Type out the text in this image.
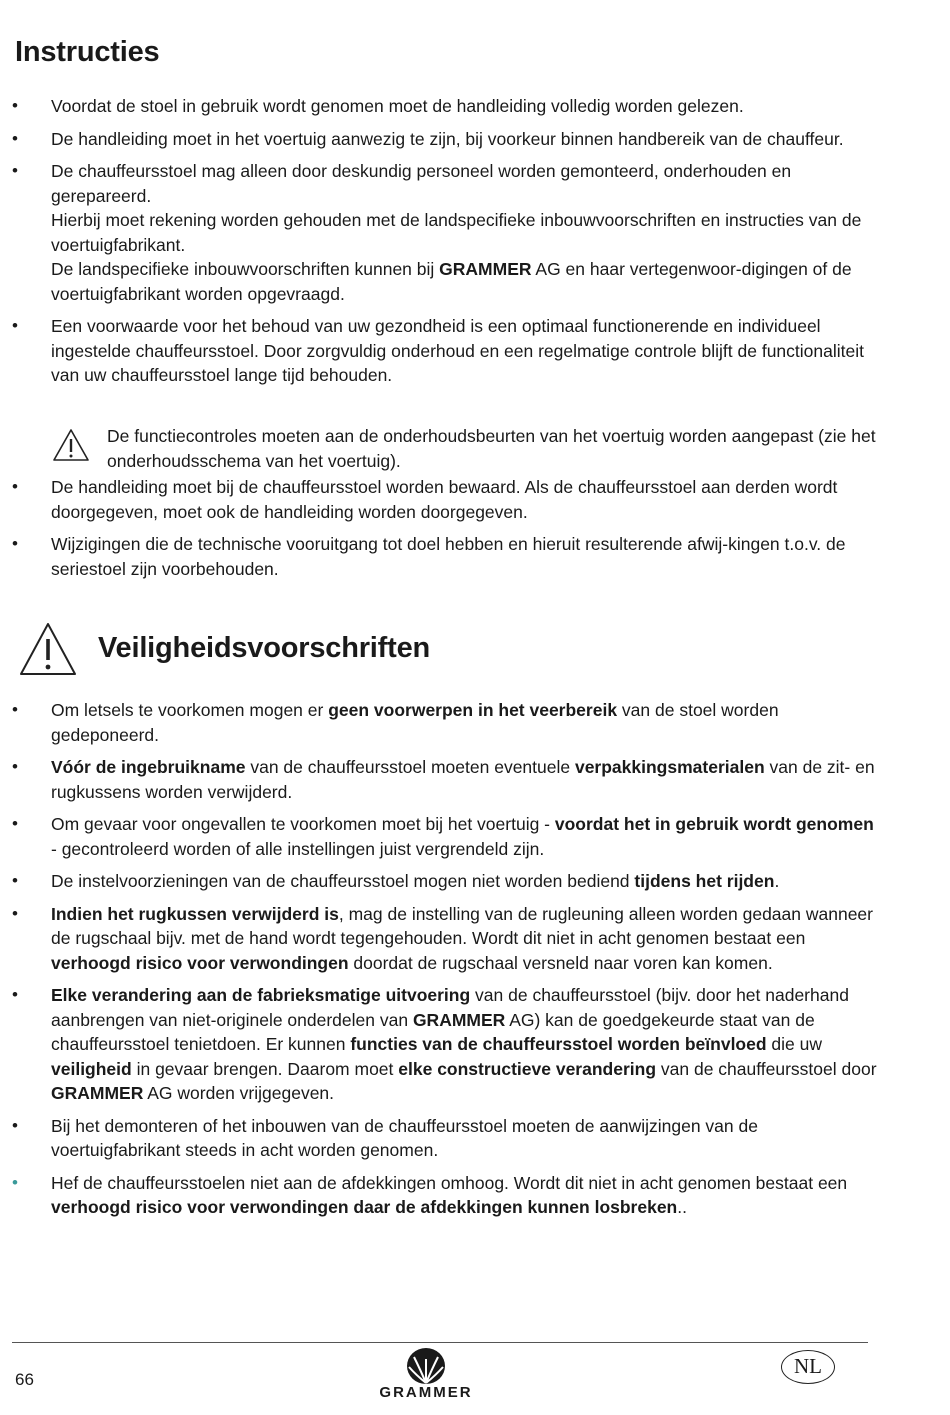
Instructies
• Voordat de stoel in gebruik wordt genomen moet de handleiding volledig worden gelezen.

• De handleiding moet in het voertuig aanwezig te zijn, bij voorkeur binnen handbereik van de chauffeur.

• De chauffeursstoel mag alleen door deskundig personeel worden gemonteerd, onderhouden en gerepareerd.

Hierbij moet rekening worden gehouden met de landspecifieke inbouwvoorschriften en instructies van de voertuigfabrikant.

De landspecifieke inbouwvoorschriften kunnen bij GRAMMER AG en haar vertegenwoor-digingen of de voertuigfabrikant worden opgevraagd.

• Een voorwaarde voor het behoud van uw gezondheid is een optimaal functionerende en individueel ingestelde chauffeursstoel. Door zorgvuldig onderhoud en een regelmatige controle blijft de functionaliteit van uw chauffeursstoel lange tijd behouden.

De functiecontroles moeten aan de onderhoudsbeurten van het voertuig worden aangepast (zie het onderhoudsschema van het voertuig).
• De handleiding moet bij de chauffeursstoel worden bewaard. Als de chauffeursstoel aan derden wordt doorgegeven, moet ook de handleiding worden doorgegeven.

• Wijzigingen die de technische vooruitgang tot doel hebben en hieruit resulterende afwij-kingen t.o.v. de seriestoel zijn voorbehouden.

Veiligheidsvoorschriften
• Om letsels te voorkomen mogen er geen voorwerpen in het veerbereik van de stoel worden gedeponeerd.

• Vóór de ingebruikname van de chauffeursstoel moeten eventuele verpakkingsmaterialen van de zit- en rugkussens worden verwijderd.

• Om gevaar voor ongevallen te voorkomen moet bij het voertuig - voordat het in gebruik wordt genomen - gecontroleerd worden of alle instellingen juist vergrendeld zijn.

• De instelvoorzieningen van de chauffeursstoel mogen niet worden bediend tijdens het rijden.

• Indien het rugkussen verwijderd is, mag de instelling van de rugleuning alleen worden gedaan wanneer de rugschaal bijv. met de hand wordt tegengehouden. Wordt dit niet in acht genomen bestaat een verhoogd risico voor verwondingen doordat de rugschaal versneld naar voren kan komen.

• Elke verandering aan de fabrieksmatige uitvoering van de chauffeursstoel (bijv. door het naderhand aanbrengen van niet-originele onderdelen van GRAMMER AG) kan de goedgekeurde staat van de chauffeursstoel tenietdoen. Er kunnen functies van de chauffeursstoel worden beïnvloed die uw veiligheid in gevaar brengen. Daarom moet elke constructieve verandering van de chauffeursstoel door GRAMMER AG worden vrijgegeven.

• Bij het demonteren of het inbouwen van de chauffeursstoel moeten de aanwijzingen van de voertuigfabrikant steeds in acht worden genomen.

• Hef de chauffeursstoelen niet aan de afdekkingen omhoog. Wordt dit niet in acht genomen bestaat een verhoogd risico voor verwondingen daar de afdekkingen kunnen losbreken..

66
GRAMMER
NL
